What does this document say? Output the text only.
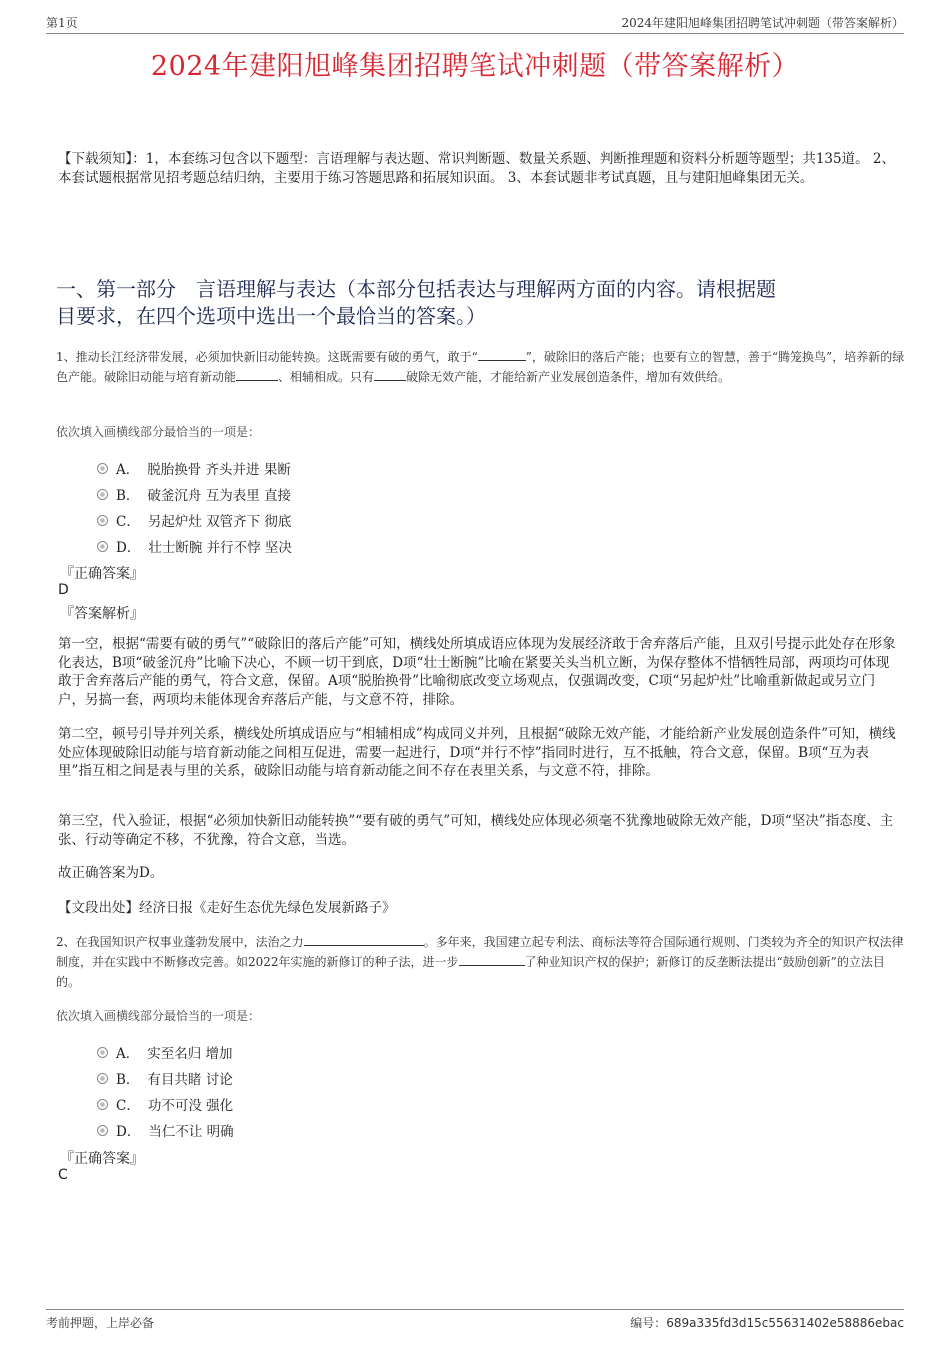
第1页	2024年建阳旭峰集团招聘笔试冲刺题（带答案解析）
2024年建阳旭峰集团招聘笔试冲刺题（带答案解析）
【下载须知】：1，本套练习包含以下题型：言语理解与表达题、常识判断题、数量关系题、判断推理题和资料分析题等题型；共135道。 2、本套试题根据常见招考题总结归纳，主要用于练习答题思路和拓展知识面。 3、本套试题非考试真题，且与建阳旭峰集团无关。
一、第一部分　言语理解与表达（本部分包括表达与理解两方面的内容。请根据题
目要求，在四个选项中选出一个最恰当的答案。）
1、推动长江经济带发展，必须加快新旧动能转换。这既需要有破的勇气，敢于“	”，破除旧的落后产能；也要有立的智慧，善于“腾笼换鸟”，培养新的绿色产能。破除旧动能与培育新动能	、相辅相成。只有	破除无效产能，才能给新产业发展创造条件，增加有效供给。
依次填入画横线部分最恰当的一项是：
A． 脱胎换骨 齐头并进 果断
B． 破釜沉舟 互为表里 直接
C． 另起炉灶 双管齐下 彻底
D． 壮士断腕 并行不悖 坚决
『正确答案』
D
『答案解析』
第一空，根据“需要有破的勇气”“破除旧的落后产能”可知，横线处所填成语应体现为发展经济敢于舍弃落后产能，且双引号提示此处存在形象化表达，B项“破釜沉舟”比喻下决心，不顾一切干到底，D项“壮士断腕”比喻在紧要关头当机立断，为保存整体不惜牺牲局部，两项均可体现敢于舍弃落后产能的勇气，符合文意，保留。A项“脱胎换骨”比喻彻底改变立场观点，仅强调改变，C项“另起炉灶”比喻重新做起或另立门户，另搞一套，两项均未能体现舍弃落后产能，与文意不符，排除。
第二空，顿号引导并列关系，横线处所填成语应与“相辅相成”构成同义并列，且根据“破除无效产能，才能给新产业发展创造条件”可知，横线处应体现破除旧动能与培育新动能之间相互促进，需要一起进行，D项“并行不悖”指同时进行，互不抵触，符合文意，保留。B项“互为表里”指互相之间是表与里的关系，破除旧动能与培育新动能之间不存在表里关系，与文意不符，排除。
第三空，代入验证，根据“必须加快新旧动能转换”“要有破的勇气”可知，横线处应体现必须毫不犹豫地破除无效产能，D项“坚决”指态度、主张、行动等确定不移，不犹豫，符合文意，当选。
故正确答案为D。
【文段出处】经济日报《走好生态优先绿色发展新路子》
2、在我国知识产权事业蓬勃发展中，法治之力	。多年来，我国建立起专利法、商标法等符合国际通行规则、门类较为齐全的知识产权法律制度，并在实践中不断修改完善。如2022年实施的新修订的种子法，进一步	了种业知识产权的保护；新修订的反垄断法提出“鼓励创新”的立法目的。
依次填入画横线部分最恰当的一项是：
A． 实至名归 增加
B． 有目共睹 讨论
C． 功不可没 强化
D． 当仁不让 明确
『正确答案』
C
考前押题，上岸必备	编号：689a335fd3d15c55631402e58886ebac
